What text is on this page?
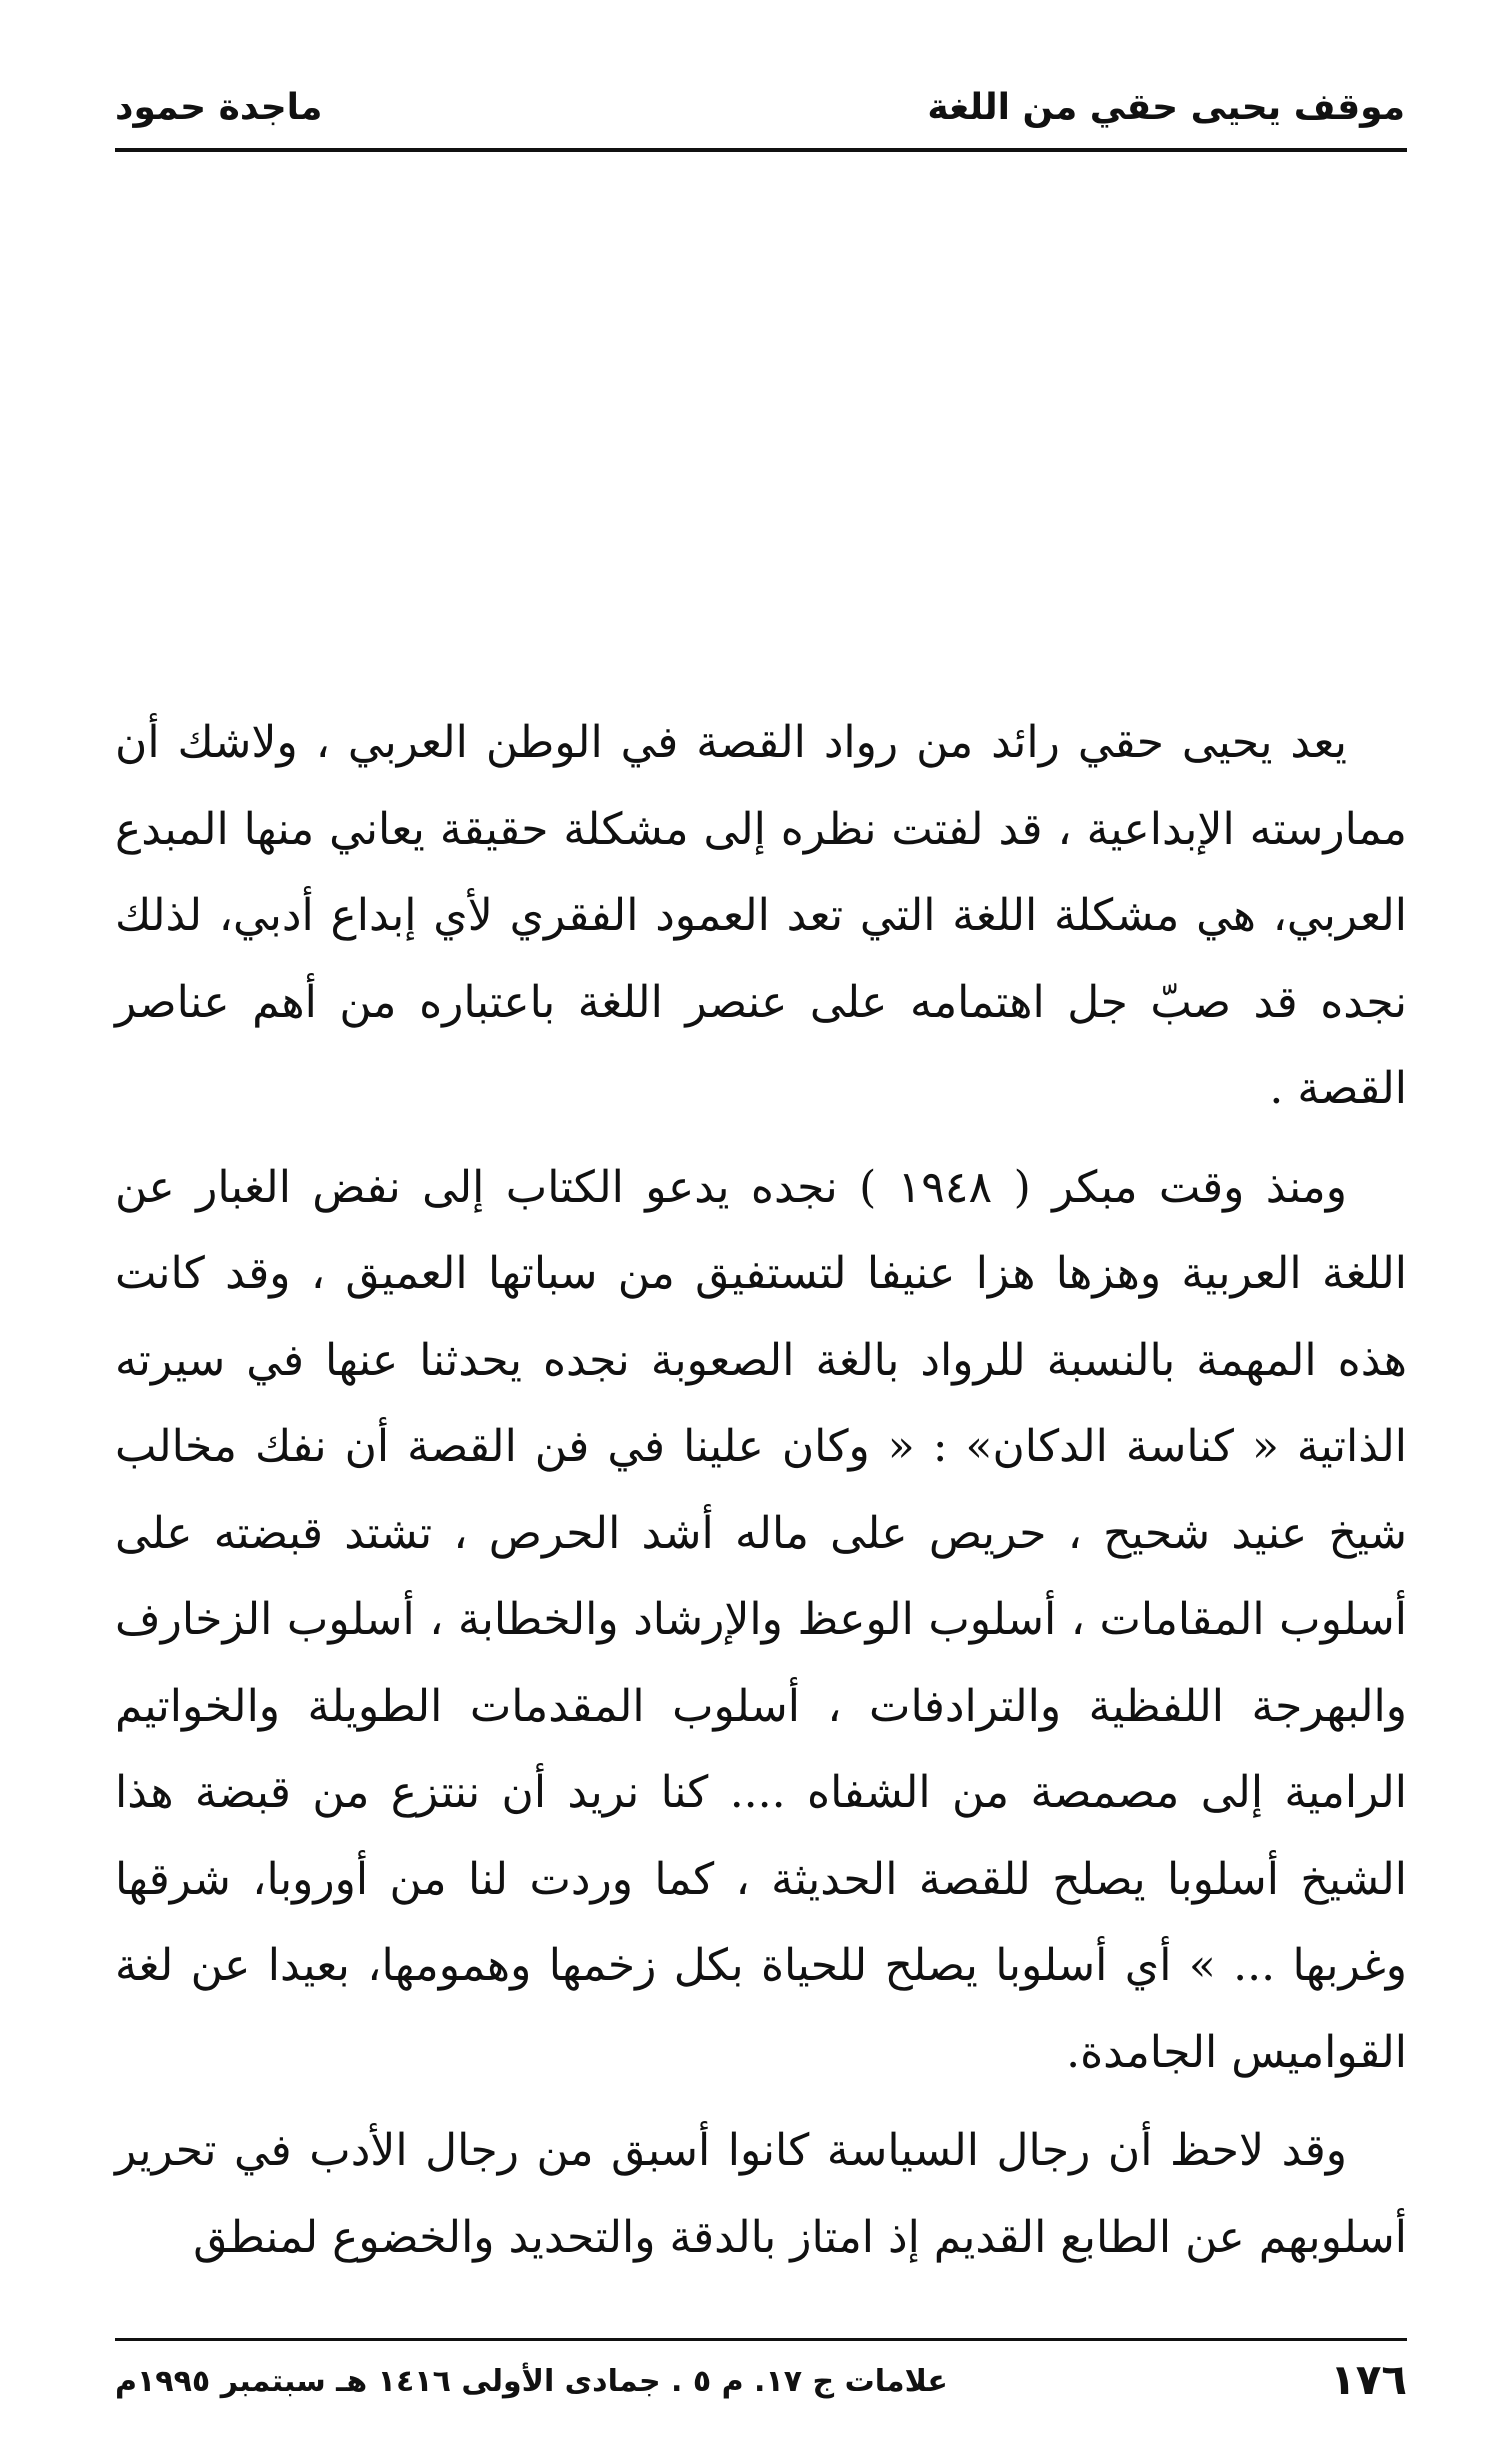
موقف يحيى حقي من اللغة
ماجدة حمود

يعد يحيى حقي رائد من رواد القصة في الوطن العربي ، ولاشك أن ممارسته الإبداعية ، قد لفتت نظره إلى مشكلة حقيقة يعاني منها المبدع العربي، هي مشكلة اللغة التي تعد العمود الفقري لأي إبداع أدبي، لذلك نجده قد صبّ جل اهتمامه على عنصر اللغة باعتباره من أهم عناصر القصة .

ومنذ وقت مبكر ( ١٩٤٨ ) نجده يدعو الكتاب إلى نفض الغبار عن اللغة العربية وهزها هزا عنيفا لتستفيق من سباتها العميق ، وقد كانت هذه المهمة بالنسبة للرواد بالغة الصعوبة نجده يحدثنا عنها في سيرته الذاتية « كناسة الدكان» : « وكان علينا في فن القصة أن نفك مخالب شيخ عنيد شحيح ، حريص على ماله أشد الحرص ، تشتد قبضته على أسلوب المقامات ، أسلوب الوعظ والإرشاد والخطابة ، أسلوب الزخارف والبهرجة اللفظية والترادفات ، أسلوب المقدمات الطويلة والخواتيم الرامية إلى مصمصة من الشفاه .... كنا نريد أن ننتزع من قبضة هذا الشيخ أسلوبا يصلح للقصة الحديثة ، كما وردت لنا من أوروبا، شرقها وغربها ... » أي أسلوبا يصلح للحياة بكل زخمها وهمومها، بعيدا عن لغة القواميس الجامدة.

وقد لاحظ أن رجال السياسة كانوا أسبق من رجال الأدب في تحرير أسلوبهم عن الطابع القديم إذ امتاز بالدقة والتحديد والخضوع لمنطق

١٧٦
علامات ج ١٧. م ٥ . جمادى الأولى ١٤١٦ هـ سبتمبر ١٩٩٥م
